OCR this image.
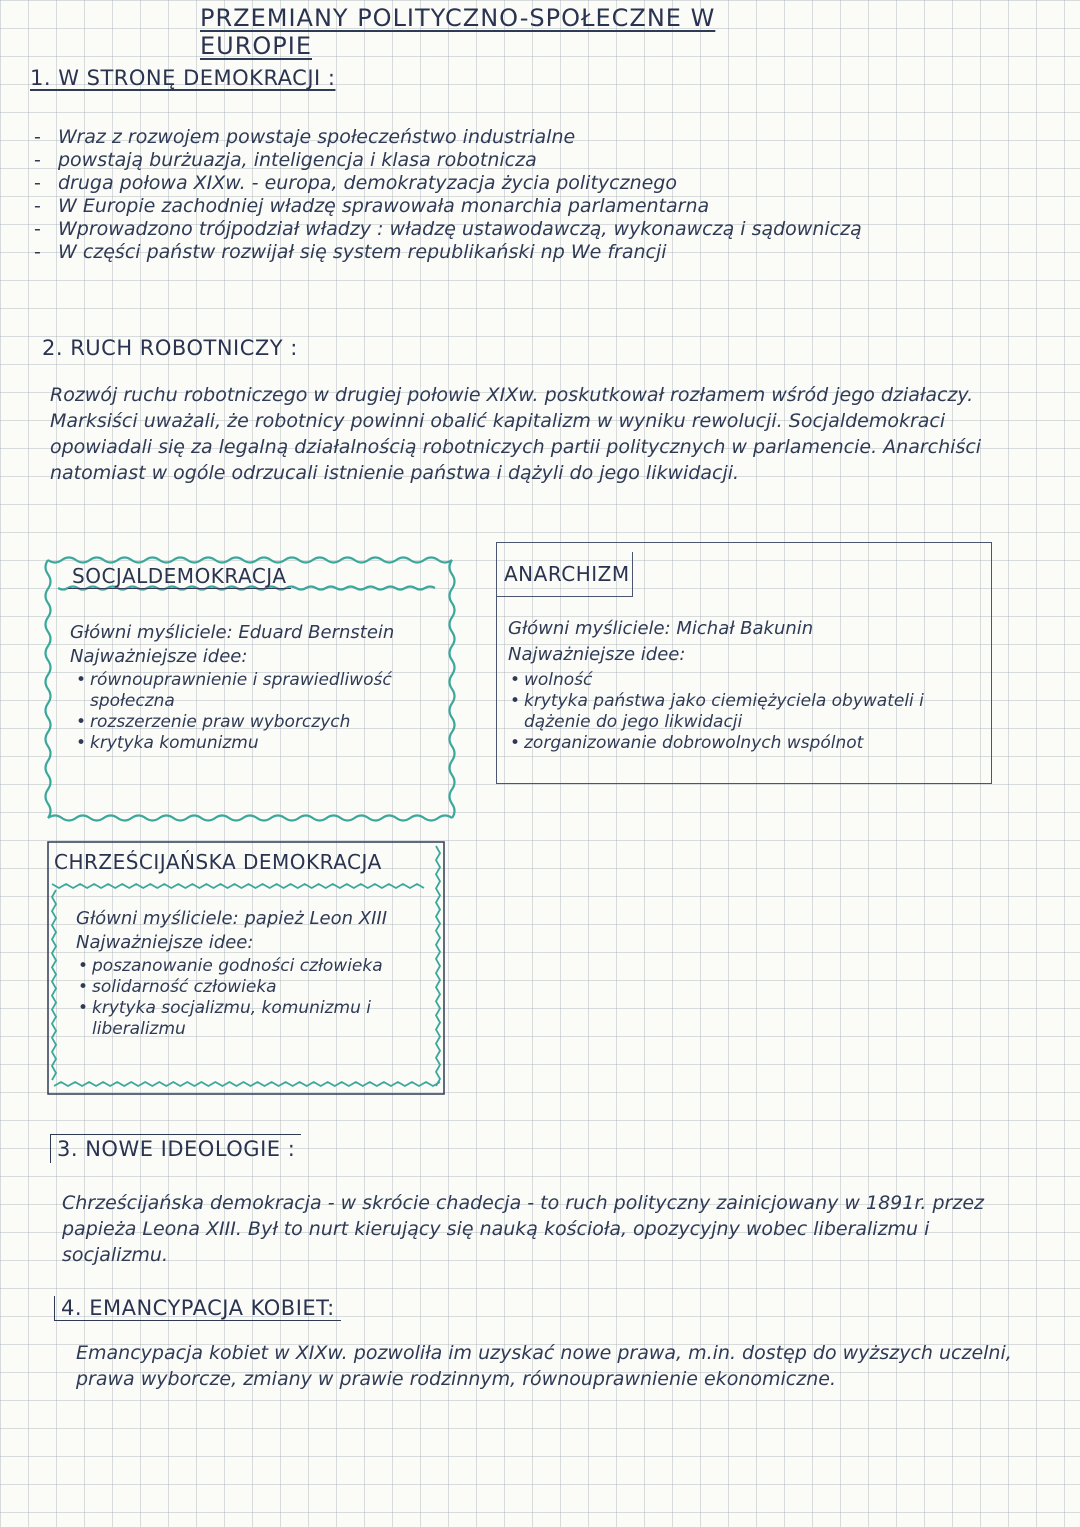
PRZEMIANY POLITYCZNO-SPOŁECZNE W EUROPIE
1. W STRONĘ DEMOKRACJI :
- Wraz z rozwojem powstaje społeczeństwo industrialne
- powstają burżuazja, inteligencja i klasa robotnicza
- druga połowa XIXw. - europa, demokratyzacja życia politycznego
- W Europie zachodniej władzę sprawowała monarchia parlamentarna
- Wprowadzono trójpodział władzy : władzę ustawodawczą, wykonawczą i sądowniczą
- W części państw rozwijał się system republikański np We francji
2. RUCH ROBOTNICZY :
Rozwój ruchu robotniczego w drugiej połowie XIXw. poskutkował rozłamem wśród jego działaczy. Marksiści uważali, że robotnicy powinni obalić kapitalizm w wyniku rewolucji. Socjaldemokraci opowiadali się za legalną działalnością robotniczych partii politycznych w parlamencie. Anarchiści natomiast w ogóle odrzucali istnienie państwa i dążyli do jego likwidacji.
SOCJALDEMOKRACJA
Główni myśliciele: Eduard Bernstein
Najważniejsze idee:
• równouprawnienie i sprawiedliwość społeczna
• rozszerzenie praw wyborczych
• krytyka komunizmu
ANARCHIZM
Główni myśliciele: Michał Bakunin
Najważniejsze idee:
• wolność
• krytyka państwa jako ciemiężyciela obywateli i dążenie do jego likwidacji
• zorganizowanie dobrowolnych wspólnot
CHRZEŚCIJAŃSKA DEMOKRACJA
Główni myśliciele: papież Leon XIII
Najważniejsze idee:
• poszanowanie godności człowieka
• solidarność człowieka
• krytyka socjalizmu, komunizmu i liberalizmu
3. NOWE IDEOLOGIE :
Chrześcijańska demokracja - w skrócie chadecja - to ruch polityczny zainicjowany w 1891r. przez papieża Leona XIII. Był to nurt kierujący się nauką kościoła, opozycyjny wobec liberalizmu i socjalizmu.
4. EMANCYPACJA KOBIET:
Emancypacja kobiet w XIXw. pozwoliła im uzyskać nowe prawa, m.in. dostęp do wyższych uczelni, prawa wyborcze, zmiany w prawie rodzinnym, równouprawnienie ekonomiczne.
